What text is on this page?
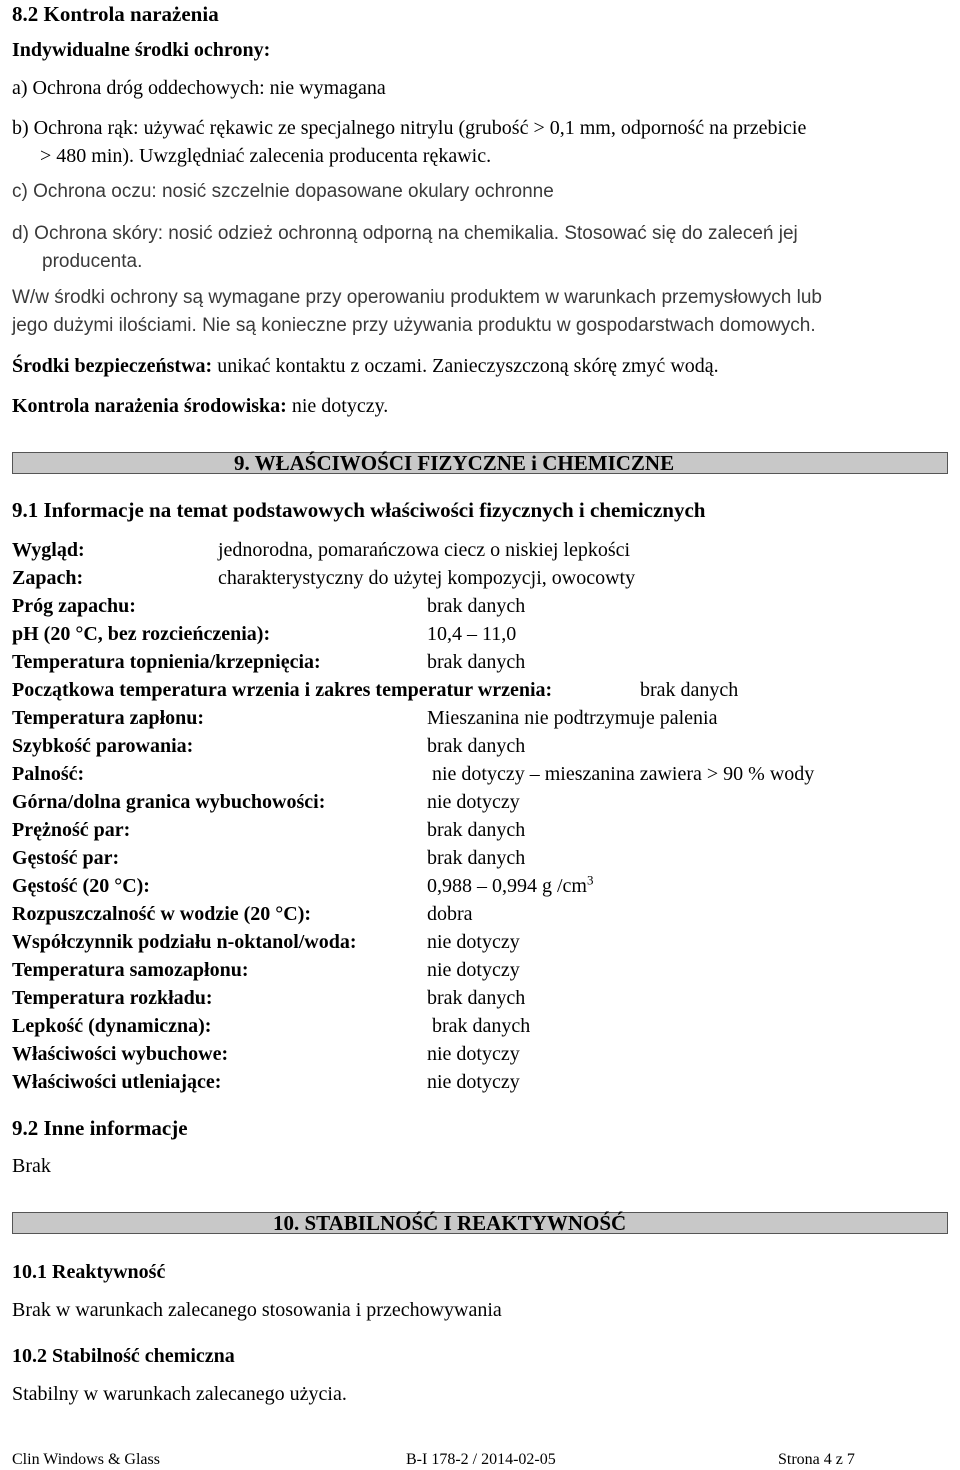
8.2 Kontrola narażenia
Indywidualne środki ochrony:
a) Ochrona dróg oddechowych: nie wymagana
b) Ochrona rąk: używać rękawic ze specjalnego nitrylu (grubość > 0,1 mm, odporność na przebicie
> 480 min). Uwzględniać zalecenia producenta rękawic.
c) Ochrona oczu: nosić szczelnie dopasowane okulary ochronne
d) Ochrona skóry: nosić odzież ochronną odporną na chemikalia. Stosować się do zaleceń jej
producenta.
W/w środki ochrony są wymagane przy operowaniu produktem w warunkach przemysłowych lub
jego dużymi ilościami. Nie są konieczne przy używania produktu w gospodarstwach domowych.
Środki bezpieczeństwa: unikać kontaktu z oczami. Zanieczyszczoną skórę zmyć wodą.
Kontrola narażenia środowiska: nie dotyczy.
9. WŁAŚCIWOŚCI FIZYCZNE i CHEMICZNE
9.1 Informacje na temat podstawowych właściwości fizycznych i chemicznych
Wygląd:	jednorodna, pomarańczowa ciecz o niskiej lepkości
Zapach:	charakterystyczny do użytej kompozycji, owocowty
Próg zapachu:	brak danych
pH (20 °C, bez rozcieńczenia):	10,4 – 11,0
Temperatura topnienia/krzepnięcia:	brak danych
Początkowa temperatura wrzenia i zakres temperatur wrzenia:	brak danych
Temperatura zapłonu:	Mieszanina nie podtrzymuje palenia
Szybkość parowania:	brak danych
Palność:	nie dotyczy – mieszanina zawiera > 90 % wody
Górna/dolna granica wybuchowości:	nie dotyczy
Prężność par:	brak danych
Gęstość par:	brak danych
Gęstość (20 °C):	0,988 – 0,994 g $/cm^3$
Rozpuszczalność w wodzie (20 °C):	dobra
Współczynnik podziału n-oktanol/woda:	nie dotyczy
Temperatura samozapłonu:	nie dotyczy
Temperatura rozkładu:	brak danych
Lepkość (dynamiczna):	brak danych
Właściwości wybuchowe:	nie dotyczy
Właściwości utleniające:	nie dotyczy
9.2 Inne informacje
Brak
10. STABILNOŚĆ I REAKTYWNOŚĆ
10.1 Reaktywność
Brak w warunkach zalecanego stosowania i przechowywania
10.2 Stabilność chemiczna
Stabilny w warunkach zalecanego użycia.
Clin Windows & Glass	B-I 178-2 / 2014-02-05	Strona 4 z 7
